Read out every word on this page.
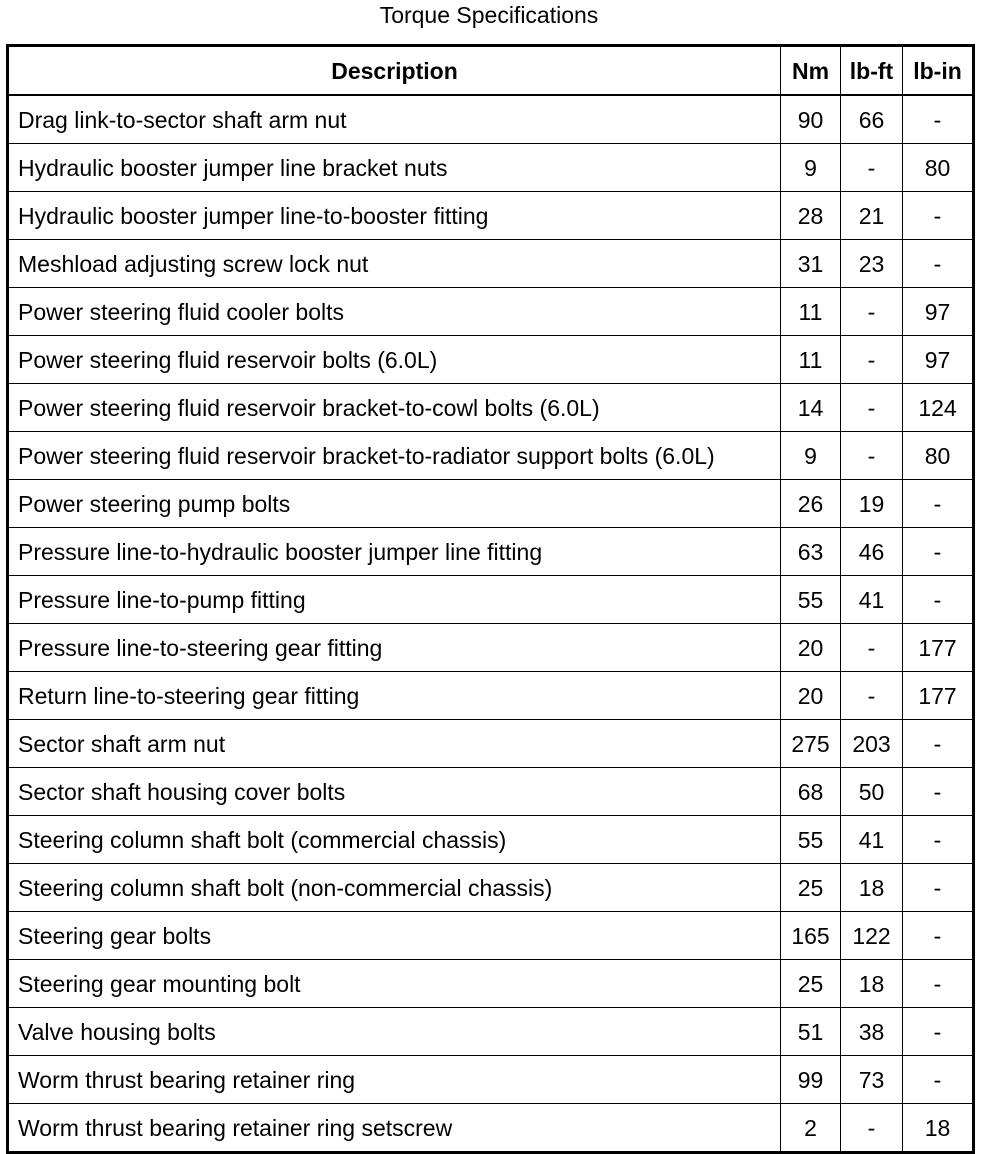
Torque Specifications
Description	Nm	lb-ft	lb-in
Drag link-to-sector shaft arm nut	90	66	-
Hydraulic booster jumper line bracket nuts	9	-	80
Hydraulic booster jumper line-to-booster fitting	28	21	-
Meshload adjusting screw lock nut	31	23	-
Power steering fluid cooler bolts	11	-	97
Power steering fluid reservoir bolts (6.0L)	11	-	97
Power steering fluid reservoir bracket-to-cowl bolts (6.0L)	14	-	124
Power steering fluid reservoir bracket-to-radiator support bolts (6.0L)	9	-	80
Power steering pump bolts	26	19	-
Pressure line-to-hydraulic booster jumper line fitting	63	46	-
Pressure line-to-pump fitting	55	41	-
Pressure line-to-steering gear fitting	20	-	177
Return line-to-steering gear fitting	20	-	177
Sector shaft arm nut	275	203	-
Sector shaft housing cover bolts	68	50	-
Steering column shaft bolt (commercial chassis)	55	41	-
Steering column shaft bolt (non-commercial chassis)	25	18	-
Steering gear bolts	165	122	-
Steering gear mounting bolt	25	18	-
Valve housing bolts	51	38	-
Worm thrust bearing retainer ring	99	73	-
Worm thrust bearing retainer ring setscrew	2	-	18
